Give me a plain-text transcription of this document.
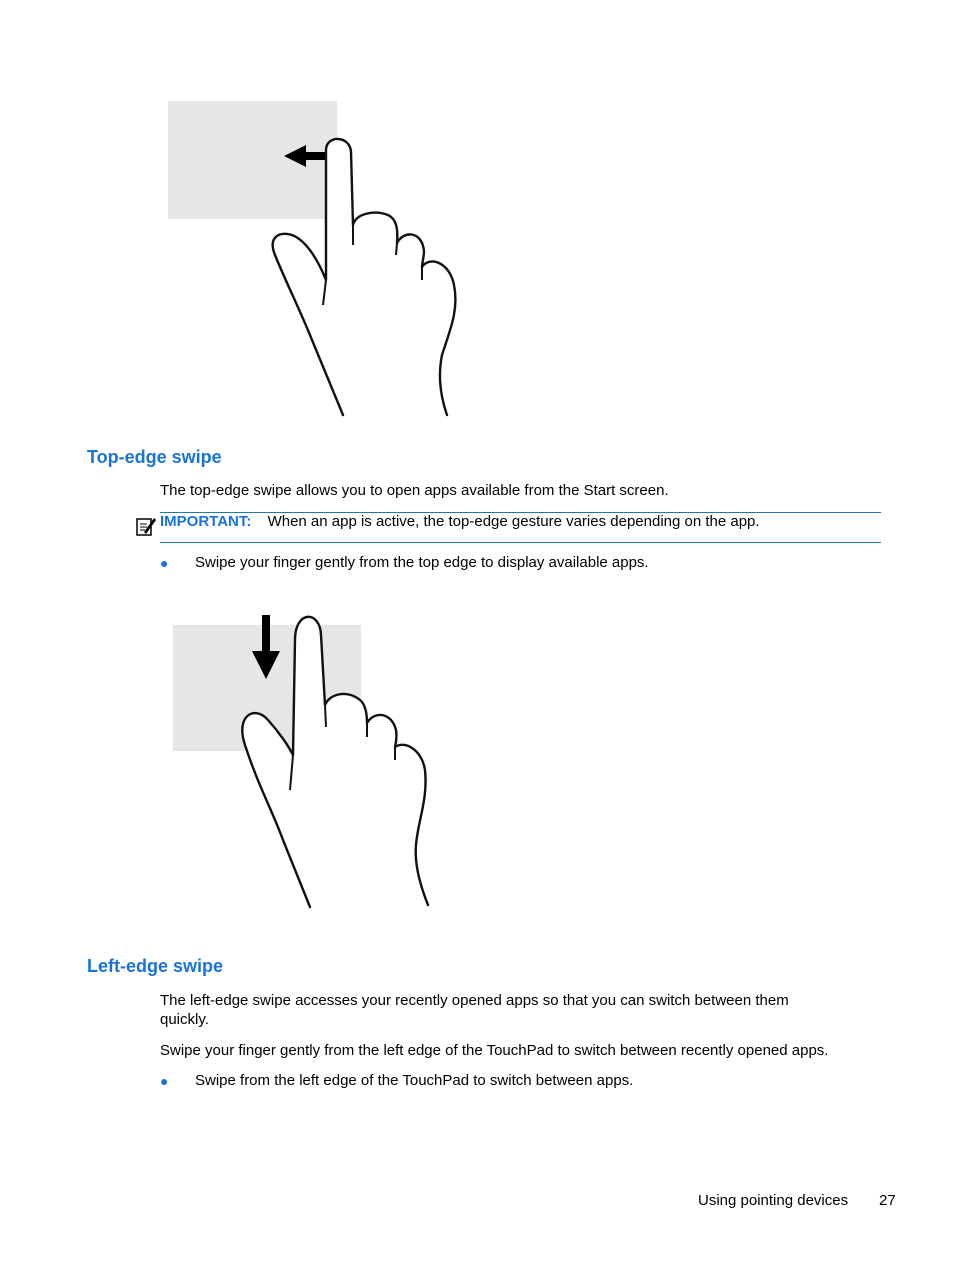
Top-edge swipe

The top-edge swipe allows you to open apps available from the Start screen.

IMPORTANT: When an app is active, the top-edge gesture varies depending on the app.
● Swipe your finger gently from the top edge to display available apps.
Left-edge swipe

The left-edge swipe accesses your recently opened apps so that you can switch between them

quickly.

Swipe your finger gently from the left edge of the TouchPad to switch between recently opened apps.

● Swipe from the left edge of the TouchPad to switch between apps.
Using pointing devices 27
